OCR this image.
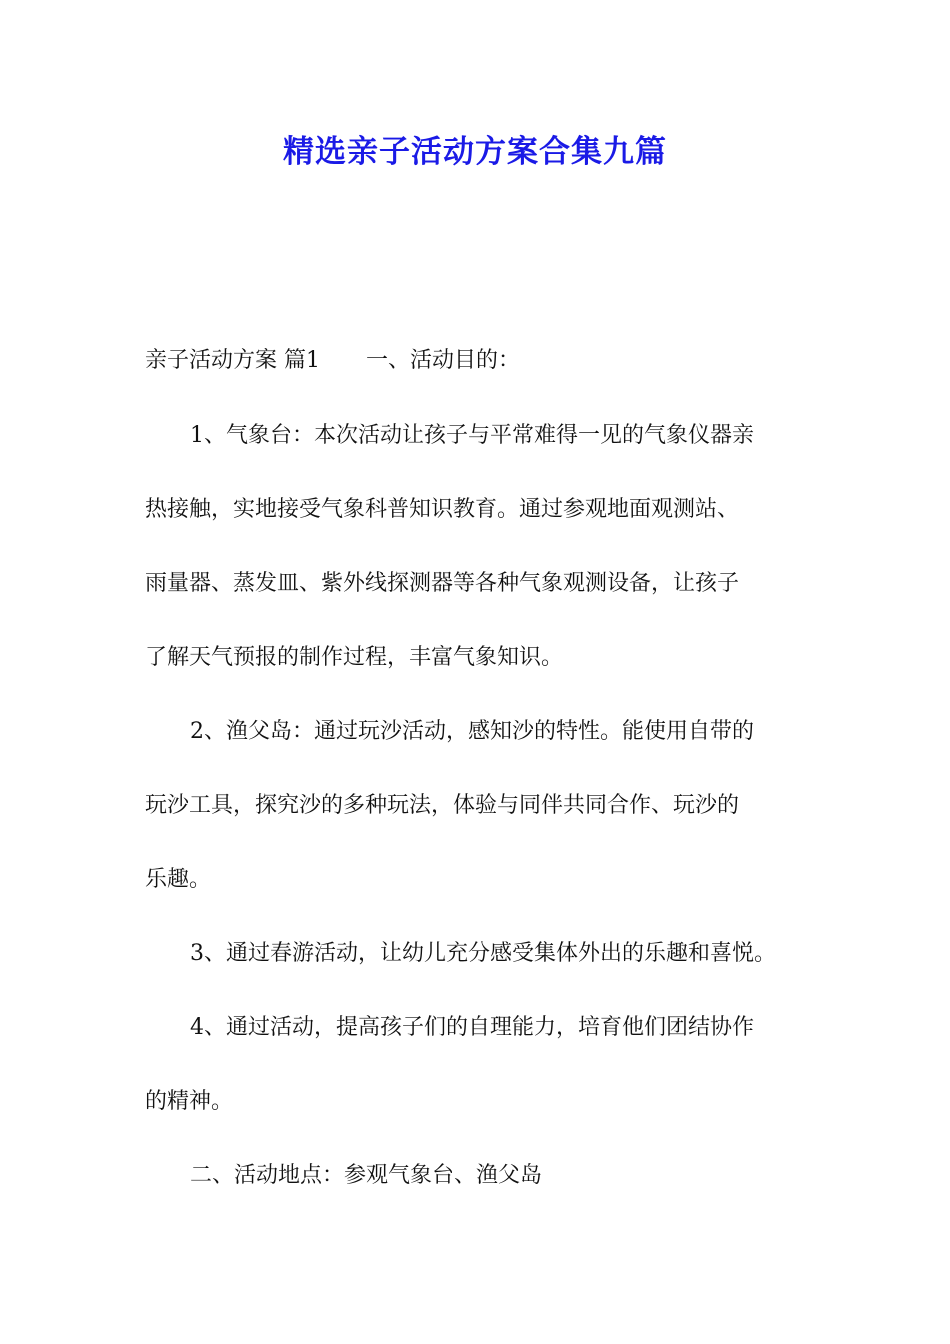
精选亲子活动方案合集九篇
亲子活动方案 篇1 一、活动目的：
1、气象台：本次活动让孩子与平常难得一见的气象仪器亲
热接触，实地接受气象科普知识教育。通过参观地面观测站、
雨量器、蒸发皿、紫外线探测器等各种气象观测设备，让孩子
了解天气预报的制作过程，丰富气象知识。
2、渔父岛：通过玩沙活动，感知沙的特性。能使用自带的
玩沙工具，探究沙的多种玩法，体验与同伴共同合作、玩沙的
乐趣。
3、通过春游活动，让幼儿充分感受集体外出的乐趣和喜悦。
4、通过活动，提高孩子们的自理能力，培育他们团结协作
的精神。
二、活动地点：参观气象台、渔父岛
